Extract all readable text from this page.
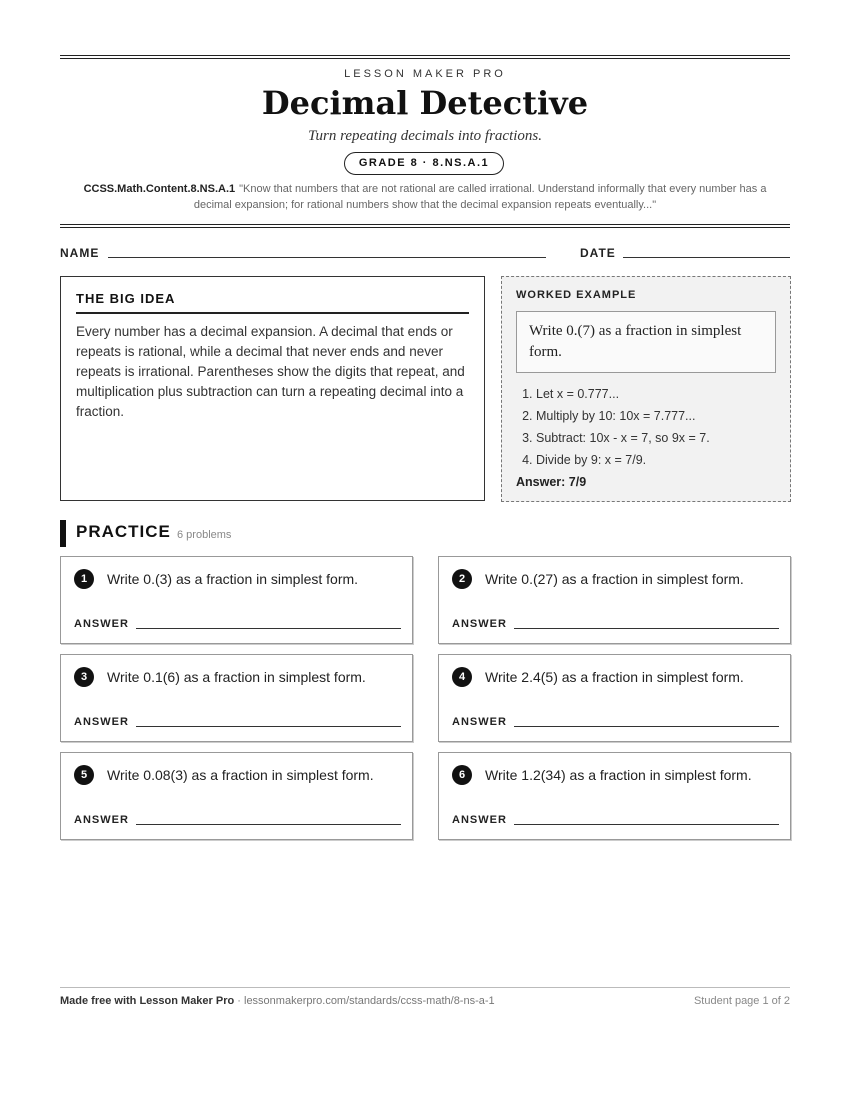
LESSON MAKER PRO
Decimal Detective
Turn repeating decimals into fractions.
GRADE 8 · 8.NS.A.1
CCSS.Math.Content.8.NS.A.1 "Know that numbers that are not rational are called irrational. Understand informally that every number has a
decimal expansion; for rational numbers show that the decimal expansion repeats eventually..."
NAME	DATE
THE BIG IDEA

Every number has a decimal expansion. A decimal that ends or repeats is rational, while a decimal that never ends and never repeats is irrational. Parentheses show the digits that repeat, and multiplication plus subtraction can turn a repeating decimal into a fraction.

WORKED EXAMPLE
Write 0.(7) as a fraction in simplest form.
1. Let x = 0.777...
2. Multiply by 10: 10x = 7.777...
3. Subtract: 10x - x = 7, so 9x = 7.
4. Divide by 9: x = 7/9.
Answer: 7/9
PRACTICE 6 problems
1	Write 0.(3) as a fraction in simplest form.
ANSWER
2	Write 0.(27) as a fraction in simplest form.
ANSWER
3	Write 0.1(6) as a fraction in simplest form.
ANSWER
4	Write 2.4(5) as a fraction in simplest form.
ANSWER
5	Write 0.08(3) as a fraction in simplest form.
ANSWER
6	Write 1.2(34) as a fraction in simplest form.
ANSWER
Made free with Lesson Maker Pro · lessonmakerpro.com/standards/ccss-math/8-ns-a-1	Student page 1 of 2
